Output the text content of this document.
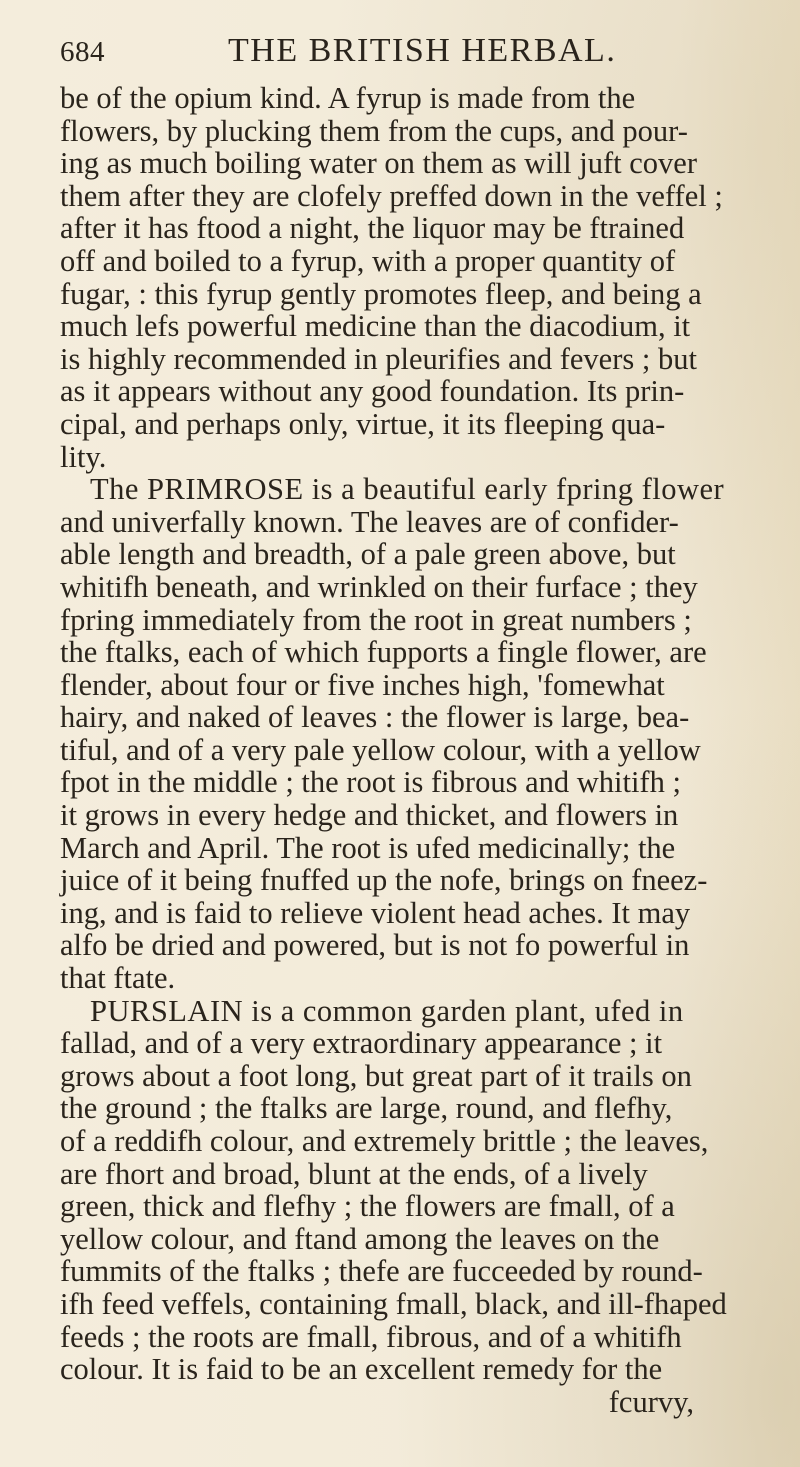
684	THE BRITISH HERBAL.
be of the opium kind. A fyrup is made from the
flowers, by plucking them from the cups, and pour-
ing as much boiling water on them as will juft cover
them after they are clofely preffed down in the veffel ;
after it has ftood a night, the liquor may be ftrained
off and boiled to a fyrup, with a proper quantity of
fugar, : this fyrup gently promotes fleep, and being a
much lefs powerful medicine than the diacodium, it
is highly recommended in pleurifies and fevers ; but
as it appears without any good foundation. Its prin-
cipal, and perhaps only, virtue, it its fleeping qua-
lity.
The PRIMROSE is a beautiful early fpring flower
and univerfally known. The leaves are of confider-
able length and breadth, of a pale green above, but
whitifh beneath, and wrinkled on their furface ; they
fpring immediately from the root in great numbers ;
the ftalks, each of which fupports a fingle flower, are
flender, about four or five inches high, 'fomewhat
hairy, and naked of leaves : the flower is large, bea-
tiful, and of a very pale yellow colour, with a yellow
fpot in the middle ; the root is fibrous and whitifh ;
it grows in every hedge and thicket, and flowers in
March and April. The root is ufed medicinally; the
juice of it being fnuffed up the nofe, brings on fneez-
ing, and is faid to relieve violent head aches. It may
alfo be dried and powered, but is not fo powerful in
that ftate.
PURSLAIN is a common garden plant, ufed in
fallad, and of a very extraordinary appearance ; it
grows about a foot long, but great part of it trails on
the ground ; the ftalks are large, round, and flefhy,
of a reddifh colour, and extremely brittle ; the leaves,
are fhort and broad, blunt at the ends, of a lively
green, thick and flefhy ; the flowers are fmall, of a
yellow colour, and ftand among the leaves on the
fummits of the ftalks ; thefe are fucceeded by round-
ifh feed veffels, containing fmall, black, and ill-fhaped
feeds ; the roots are fmall, fibrous, and of a whitifh
colour. It is faid to be an excellent remedy for the
fcurvy,
